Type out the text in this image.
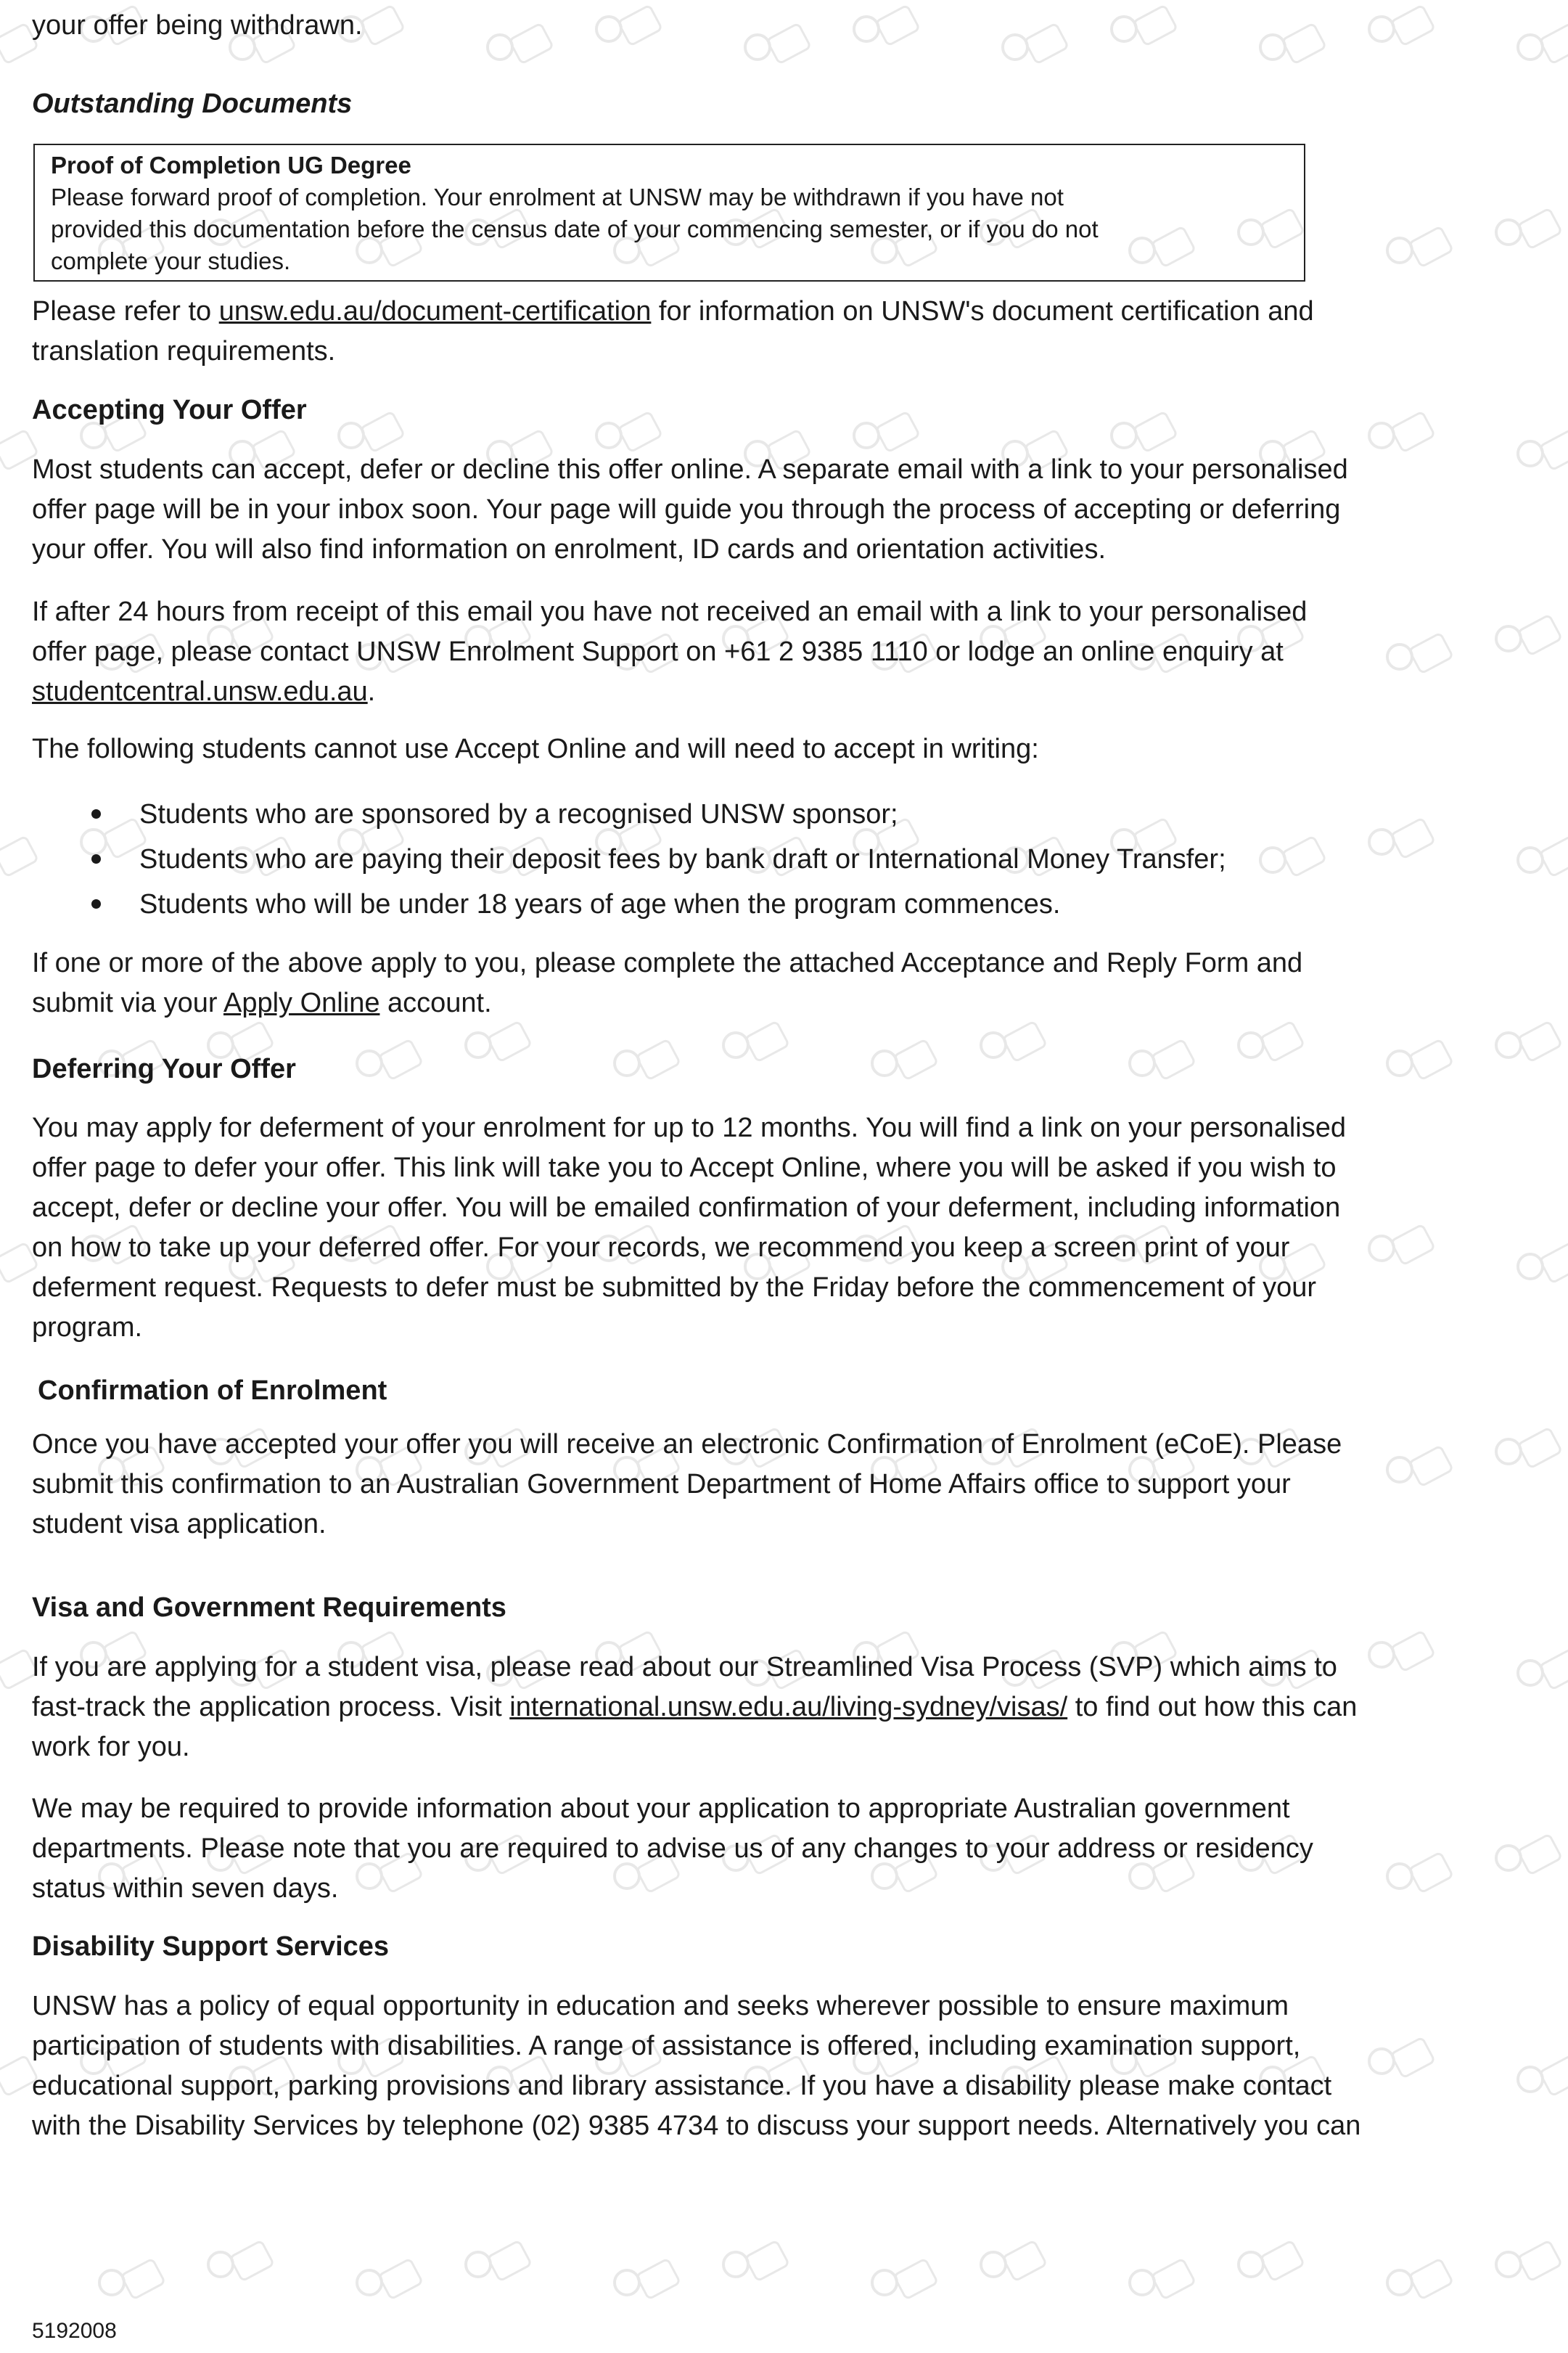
your offer being withdrawn.

Outstanding Documents

Proof of Completion UG Degree
Please forward proof of completion. Your enrolment at UNSW may be withdrawn if you have not
provided this documentation before the census date of your commencing semester, or if you do not
complete your studies.

Please refer to unsw.edu.au/document-certification for information on UNSW's document certification and

translation requirements.

Accepting Your Offer

Most students can accept, defer or decline this offer online. A separate email with a link to your personalised

offer page will be in your inbox soon. Your page will guide you through the process of accepting or deferring

your offer. You will also find information on enrolment, ID cards and orientation activities.

If after 24 hours from receipt of this email you have not received an email with a link to your personalised

offer page, please contact UNSW Enrolment Support on +61 2 9385 1110 or lodge an online enquiry at

studentcentral.unsw.edu.au.

The following students cannot use Accept Online and will need to accept in writing:

Students who are sponsored by a recognised UNSW sponsor;
Students who are paying their deposit fees by bank draft or International Money Transfer;
Students who will be under 18 years of age when the program commences.

If one or more of the above apply to you, please complete the attached Acceptance and Reply Form and

submit via your Apply Online account.

Deferring Your Offer

You may apply for deferment of your enrolment for up to 12 months. You will find a link on your personalised

offer page to defer your offer. This link will take you to Accept Online, where you will be asked if you wish to

accept, defer or decline your offer. You will be emailed confirmation of your deferment, including information

on how to take up your deferred offer. For your records, we recommend you keep a screen print of your

deferment request. Requests to defer must be submitted by the Friday before the commencement of your

program.

Confirmation of Enrolment

Once you have accepted your offer you will receive an electronic Confirmation of Enrolment (eCoE). Please

submit this confirmation to an Australian Government Department of Home Affairs office to support your

student visa application.

Visa and Government Requirements

If you are applying for a student visa, please read about our Streamlined Visa Process (SVP) which aims to

fast-track the application process. Visit international.unsw.edu.au/living-sydney/visas/ to find out how this can

work for you.

We may be required to provide information about your application to appropriate Australian government

departments. Please note that you are required to advise us of any changes to your address or residency

status within seven days.

Disability Support Services

UNSW has a policy of equal opportunity in education and seeks wherever possible to ensure maximum

participation of students with disabilities. A range of assistance is offered, including examination support,

educational support, parking provisions and library assistance. If you have a disability please make contact

with the Disability Services by telephone (02) 9385 4734 to discuss your support needs. Alternatively you can

5192008
